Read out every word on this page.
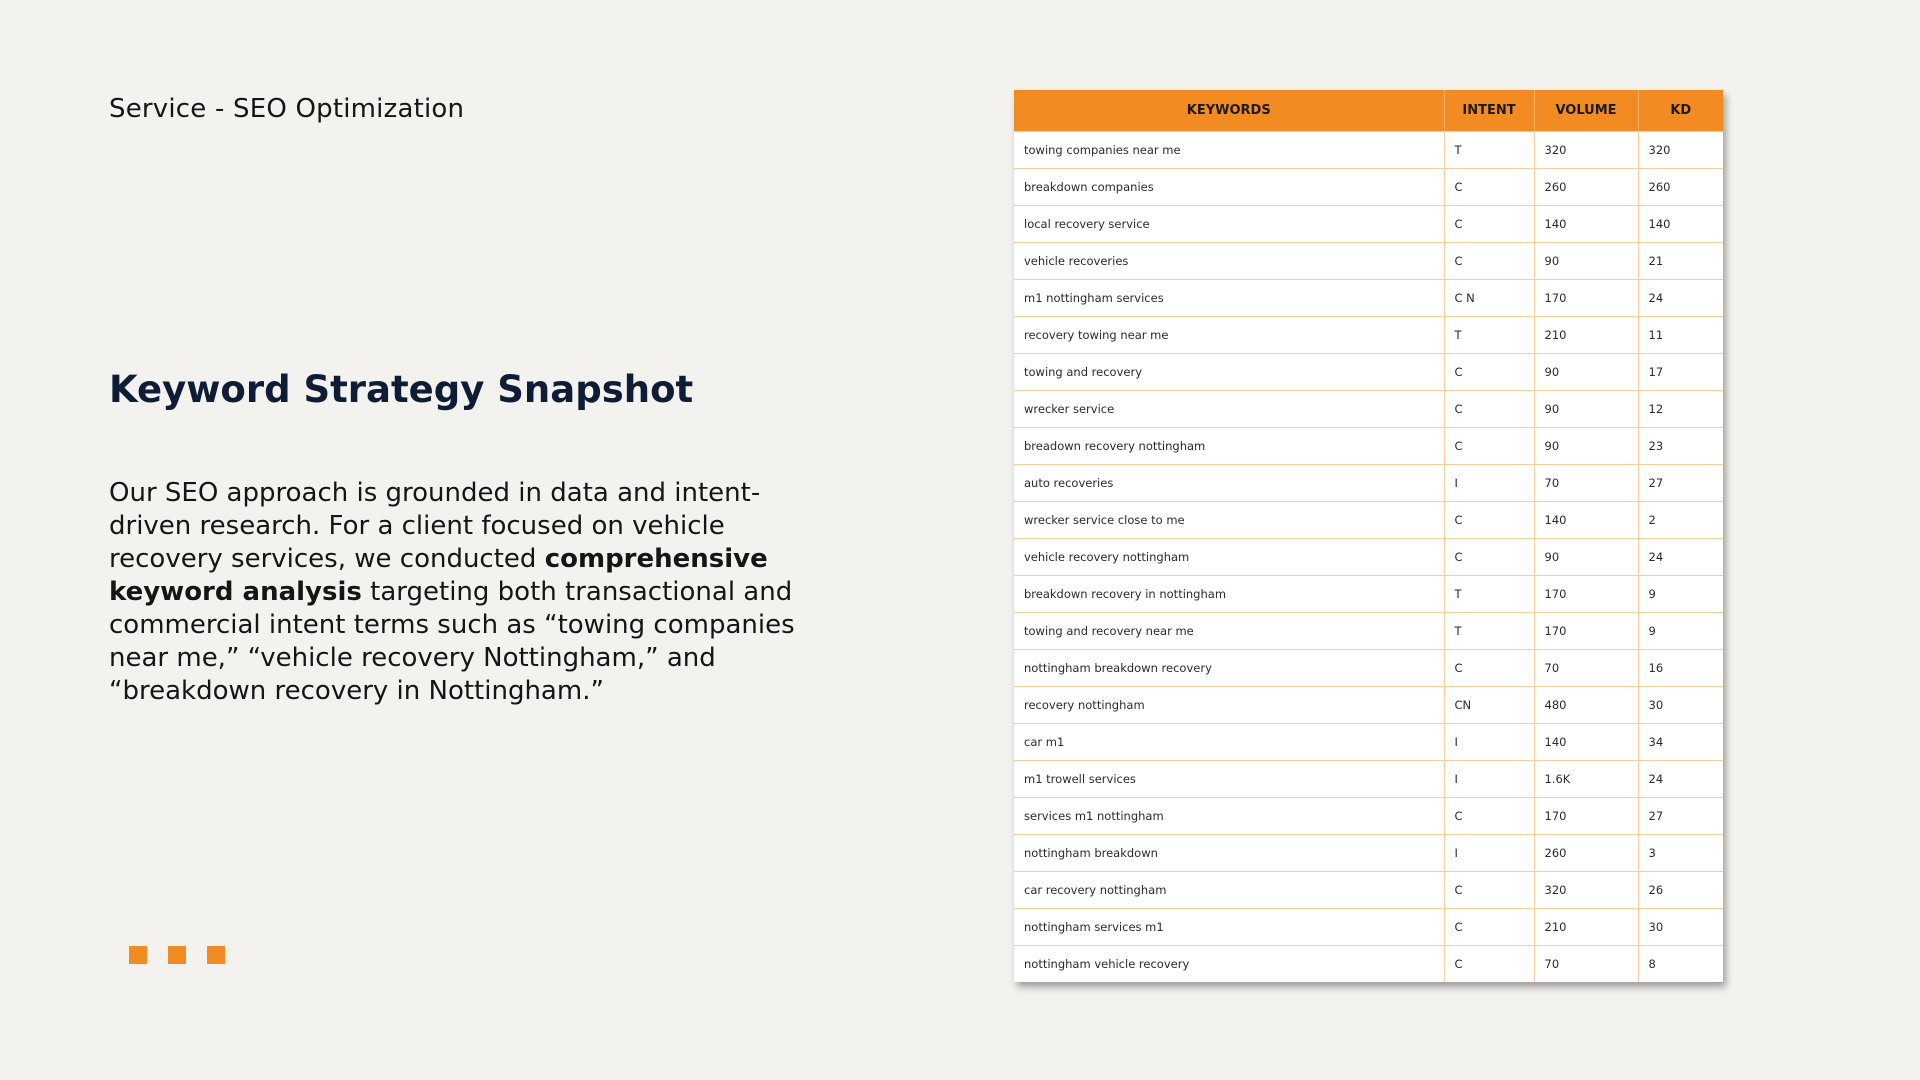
Service - SEO Optimization
Keyword Strategy Snapshot
Our SEO approach is grounded in data and intent-driven research. For a client focused on vehicle recovery services, we conducted comprehensive keyword analysis targeting both transactional and commercial intent terms such as “towing companies near me,” “vehicle recovery Nottingham,” and “breakdown recovery in Nottingham.”
KEYWORDS	INTENT	VOLUME	KD
towing companies near me	T	320	320
breakdown companies	C	260	260
local recovery service	C	140	140
vehicle recoveries	C	90	21
m1 nottingham services	C N	170	24
recovery towing near me	T	210	11
towing and recovery	C	90	17
wrecker service	C	90	12
breadown recovery nottingham	C	90	23
auto recoveries	I	70	27
wrecker service close to me	C	140	2
vehicle recovery nottingham	C	90	24
breakdown recovery in nottingham	T	170	9
towing and recovery near me	T	170	9
nottingham breakdown recovery	C	70	16
recovery nottingham	CN	480	30
car m1	I	140	34
m1 trowell services	I	1.6K	24
services m1 nottingham	C	170	27
nottingham breakdown	I	260	3
car recovery nottingham	C	320	26
nottingham services m1	C	210	30
nottingham vehicle recovery	C	70	8
